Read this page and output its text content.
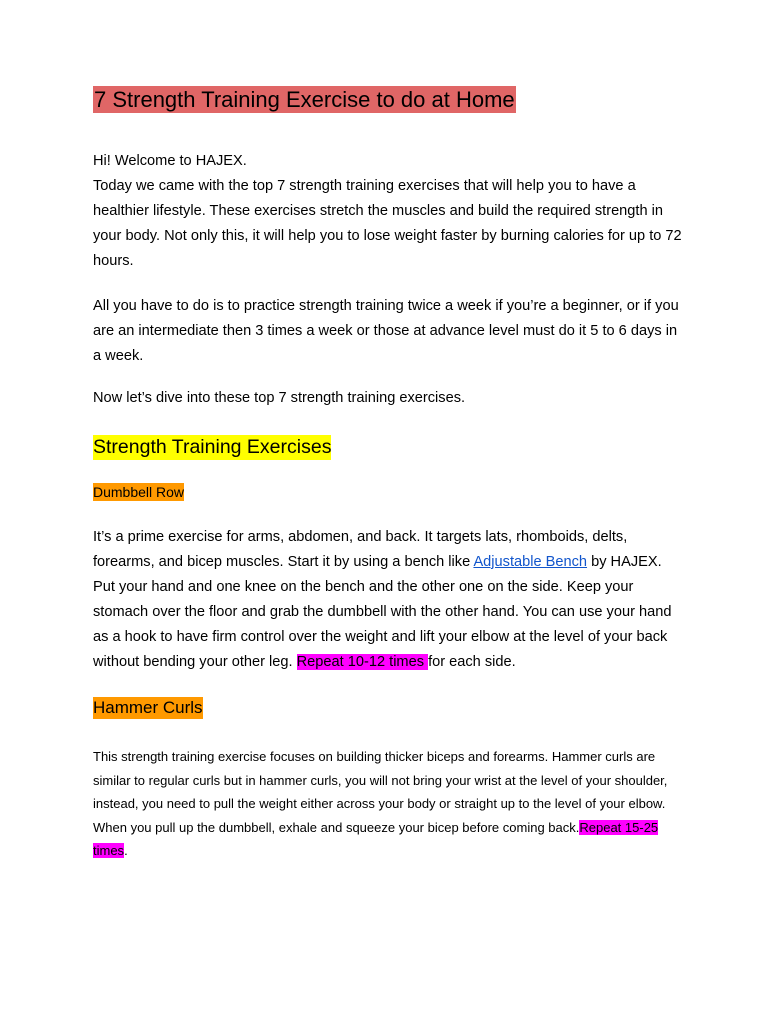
7 Strength Training Exercise to do at Home

Hi! Welcome to HAJEX.

Today we came with the top 7 strength training exercises that will help you to have a healthier lifestyle. These exercises stretch the muscles and build the required strength in your body. Not only this, it will help you to lose weight faster by burning calories for up to 72 hours.

All you have to do is to practice strength training twice a week if you’re a beginner, or if you are an intermediate then 3 times a week or those at advance level must do it 5 to 6 days in a week.

Now let’s dive into these top 7 strength training exercises.

Strength Training Exercises
Dumbbell Row

It’s a prime exercise for arms, abdomen, and back. It targets lats, rhomboids, delts, forearms, and bicep muscles. Start it by using a bench like Adjustable Bench by HAJEX. Put your hand and one knee on the bench and the other one on the side. Keep your stomach over the floor and grab the dumbbell with the other hand. You can use your hand as a hook to have firm control over the weight and lift your elbow at the level of your back without bending your other leg. Repeat 10-12 times for each side.

Hammer Curls

This strength training exercise focuses on building thicker biceps and forearms. Hammer curls are similar to regular curls but in hammer curls, you will not bring your wrist at the level of your shoulder, instead, you need to pull the weight either across your body or straight up to the level of your elbow. When you pull up the dumbbell, exhale and squeeze your bicep before coming back.Repeat 15-25 times.
